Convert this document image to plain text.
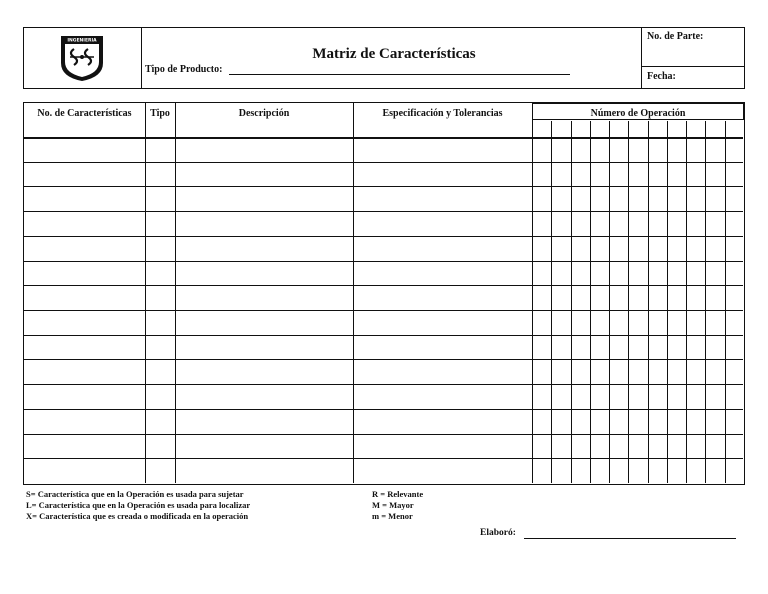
INGENIERIA
Matriz de Características
Tipo de Producto:
No. de Parte:
Fecha:
No. de Características	Tipo	Descripción	Especificación y Tolerancias	Número de Operación
S= Característica que en la Operación es usada para sujetar
L= Característica que en la Operación es usada para localizar
X= Característica que es creada o modificada en la operación
R = Relevante
M = Mayor
m = Menor
Elaboró:
